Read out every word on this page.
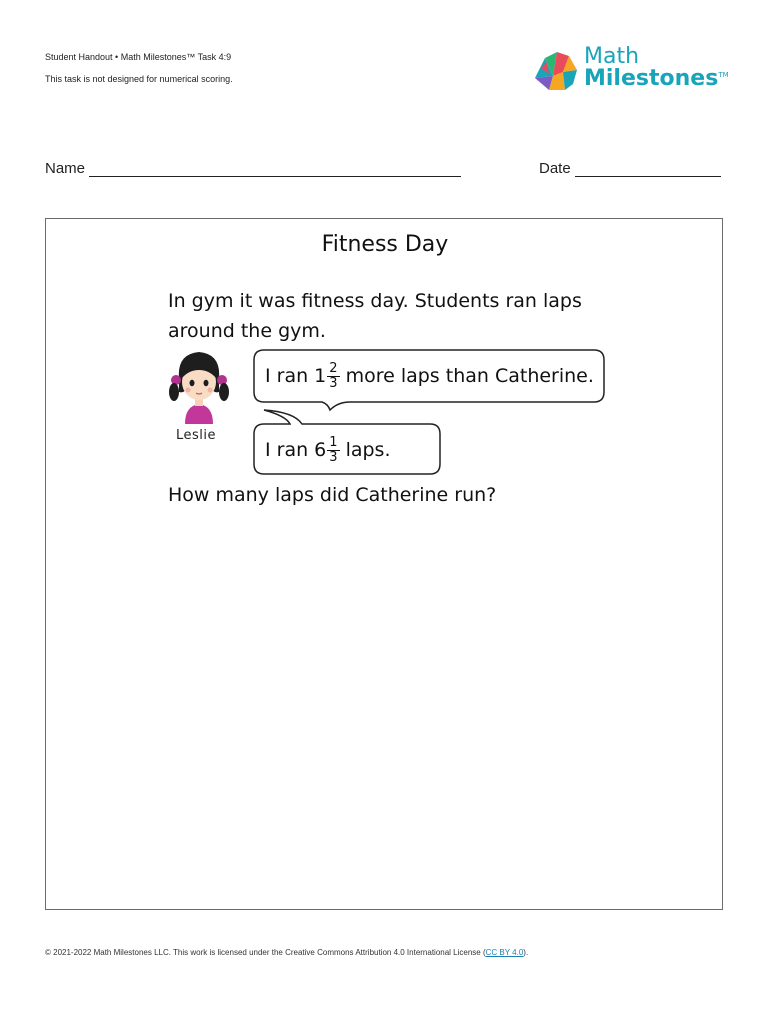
Student Handout • Math Milestones™ Task 4:9
This task is not designed for numerical scoring.
Math
Milestones™
Name	Date
Fitness Day
In gym it was fitness day. Students ran laps around the gym.
Leslie
I ran $1 \frac{2}{3}$ more laps than Catherine.
I ran $6 \frac{1}{3}$ laps.
How many laps did Catherine run?
© 2021-2022 Math Milestones LLC. This work is licensed under the Creative Commons Attribution 4.0 International License (CC BY 4.0).
